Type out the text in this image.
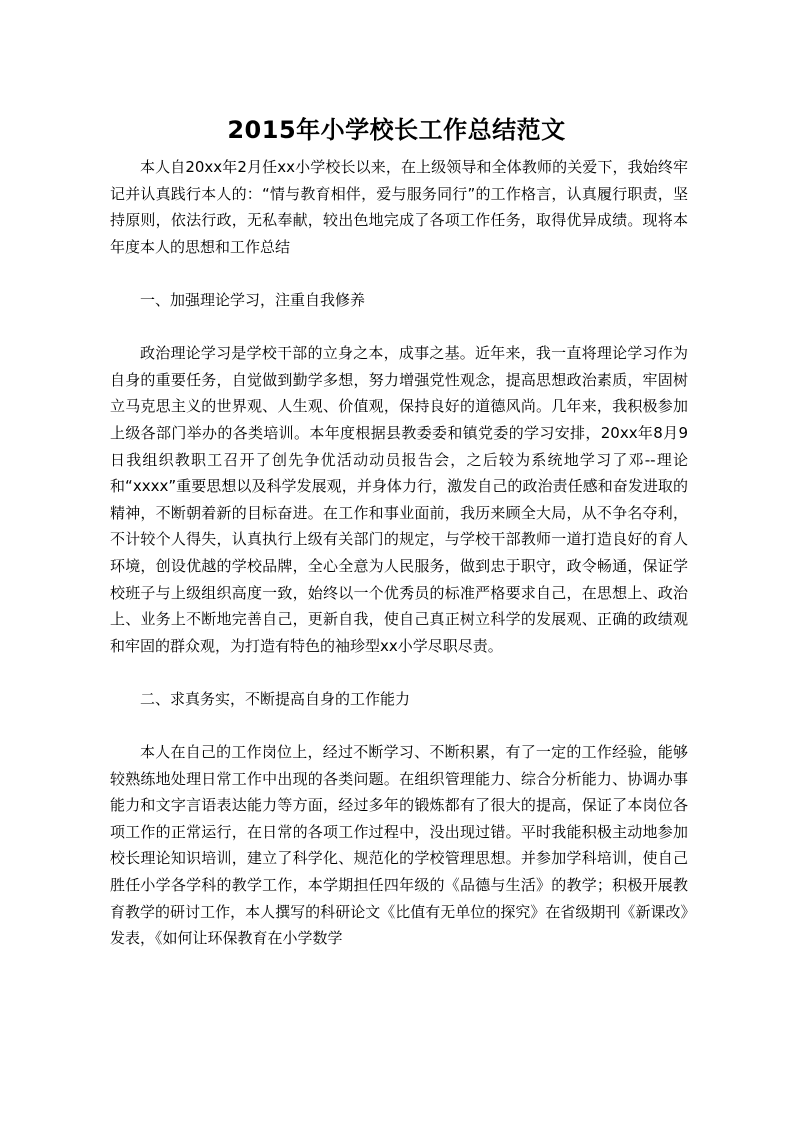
2015年小学校长工作总结范文

本人自20xx年2月任xx小学校长以来，在上级领导和全体教师的关爱下，我始终牢记并认真践行本人的：“情与教育相伴，爱与服务同行”的工作格言，认真履行职责，坚持原则，依法行政，无私奉献，较出色地完成了各项工作任务，取得优异成绩。现将本年度本人的思想和工作总结

一、加强理论学习，注重自我修养

政治理论学习是学校干部的立身之本，成事之基。近年来，我一直将理论学习作为自身的重要任务，自觉做到勤学多想，努力增强党性观念，提高思想政治素质，牢固树立马克思主义的世界观、人生观、价值观，保持良好的道德风尚。几年来，我积极参加上级各部门举办的各类培训。本年度根据县教委委和镇党委的学习安排，20xx年8月9日我组织教职工召开了创先争优活动动员报告会，之后较为系统地学习了邓--理论和“xxxx”重要思想以及科学发展观，并身体力行，激发自己的政治责任感和奋发进取的精神，不断朝着新的目标奋进。在工作和事业面前，我历来顾全大局，从不争名夺利，不计较个人得失，认真执行上级有关部门的规定，与学校干部教师一道打造良好的育人环境，创设优越的学校品牌，全心全意为人民服务，做到忠于职守，政令畅通，保证学校班子与上级组织高度一致，始终以一个优秀员的标准严格要求自己，在思想上、政治上、业务上不断地完善自己，更新自我，使自己真正树立科学的发展观、正确的政绩观和牢固的群众观，为打造有特色的袖珍型xx小学尽职尽责。

二、求真务实，不断提高自身的工作能力

本人在自己的工作岗位上，经过不断学习、不断积累，有了一定的工作经验，能够较熟练地处理日常工作中出现的各类问题。在组织管理能力、综合分析能力、协调办事能力和文字言语表达能力等方面，经过多年的锻炼都有了很大的提高，保证了本岗位各项工作的正常运行，在日常的各项工作过程中，没出现过错。平时我能积极主动地参加校长理论知识培训，建立了科学化、规范化的学校管理思想。并参加学科培训，使自己胜任小学各学科的教学工作，本学期担任四年级的《品德与生活》的教学；积极开展教育教学的研讨工作，本人撰写的科研论文《比值有无单位的探究》在省级期刊《新课改》发表，《如何让环保教育在小学数学
